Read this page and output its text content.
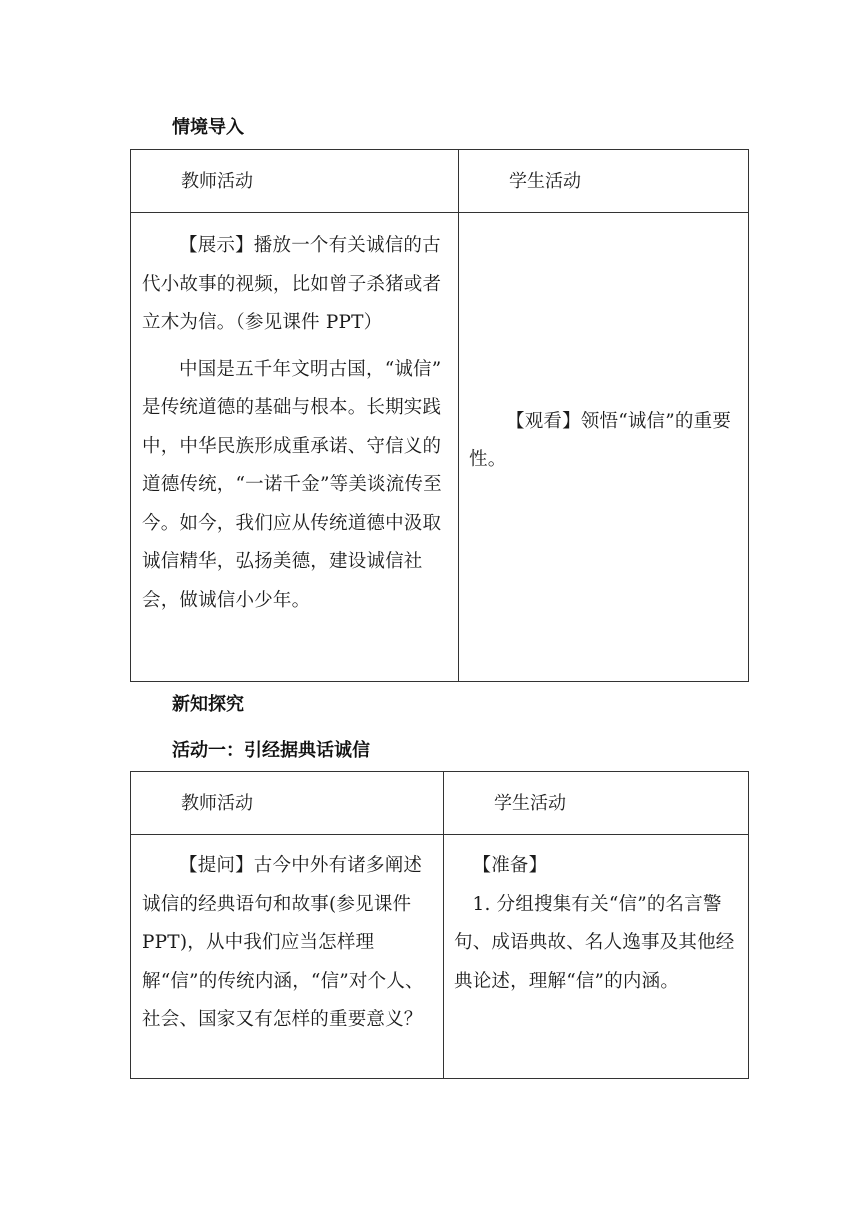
情境导入
教师活动	学生活动

【展示】播放一个有关诚信的古代小故事的视频，比如曾子杀猪或者立木为信。（参见课件 PPT）

中国是五千年文明古国，“诚信” 是传统道德的基础与根本。长期实践中，中华民族形成重承诺、守信义的道德传统，“一诺千金”等美谈流传至今。如今，我们应从传统道德中汲取诚信精华，弘扬美德，建设诚信社会，做诚信小少年。	【观看】领悟“诚信”的重要性。

新知探究
活动一：引经据典话诚信
教师活动	学生活动

【提问】古今中外有诸多阐述诚信的经典语句和故事(参见课件PPT)，从中我们应当怎样理解“信”的传统内涵，“信”对个人、社会、国家又有怎样的重要意义？	【准备】

1. 分组搜集有关“信”的名言警句、成语典故、名人逸事及其他经典论述，理解“信”的内涵。
